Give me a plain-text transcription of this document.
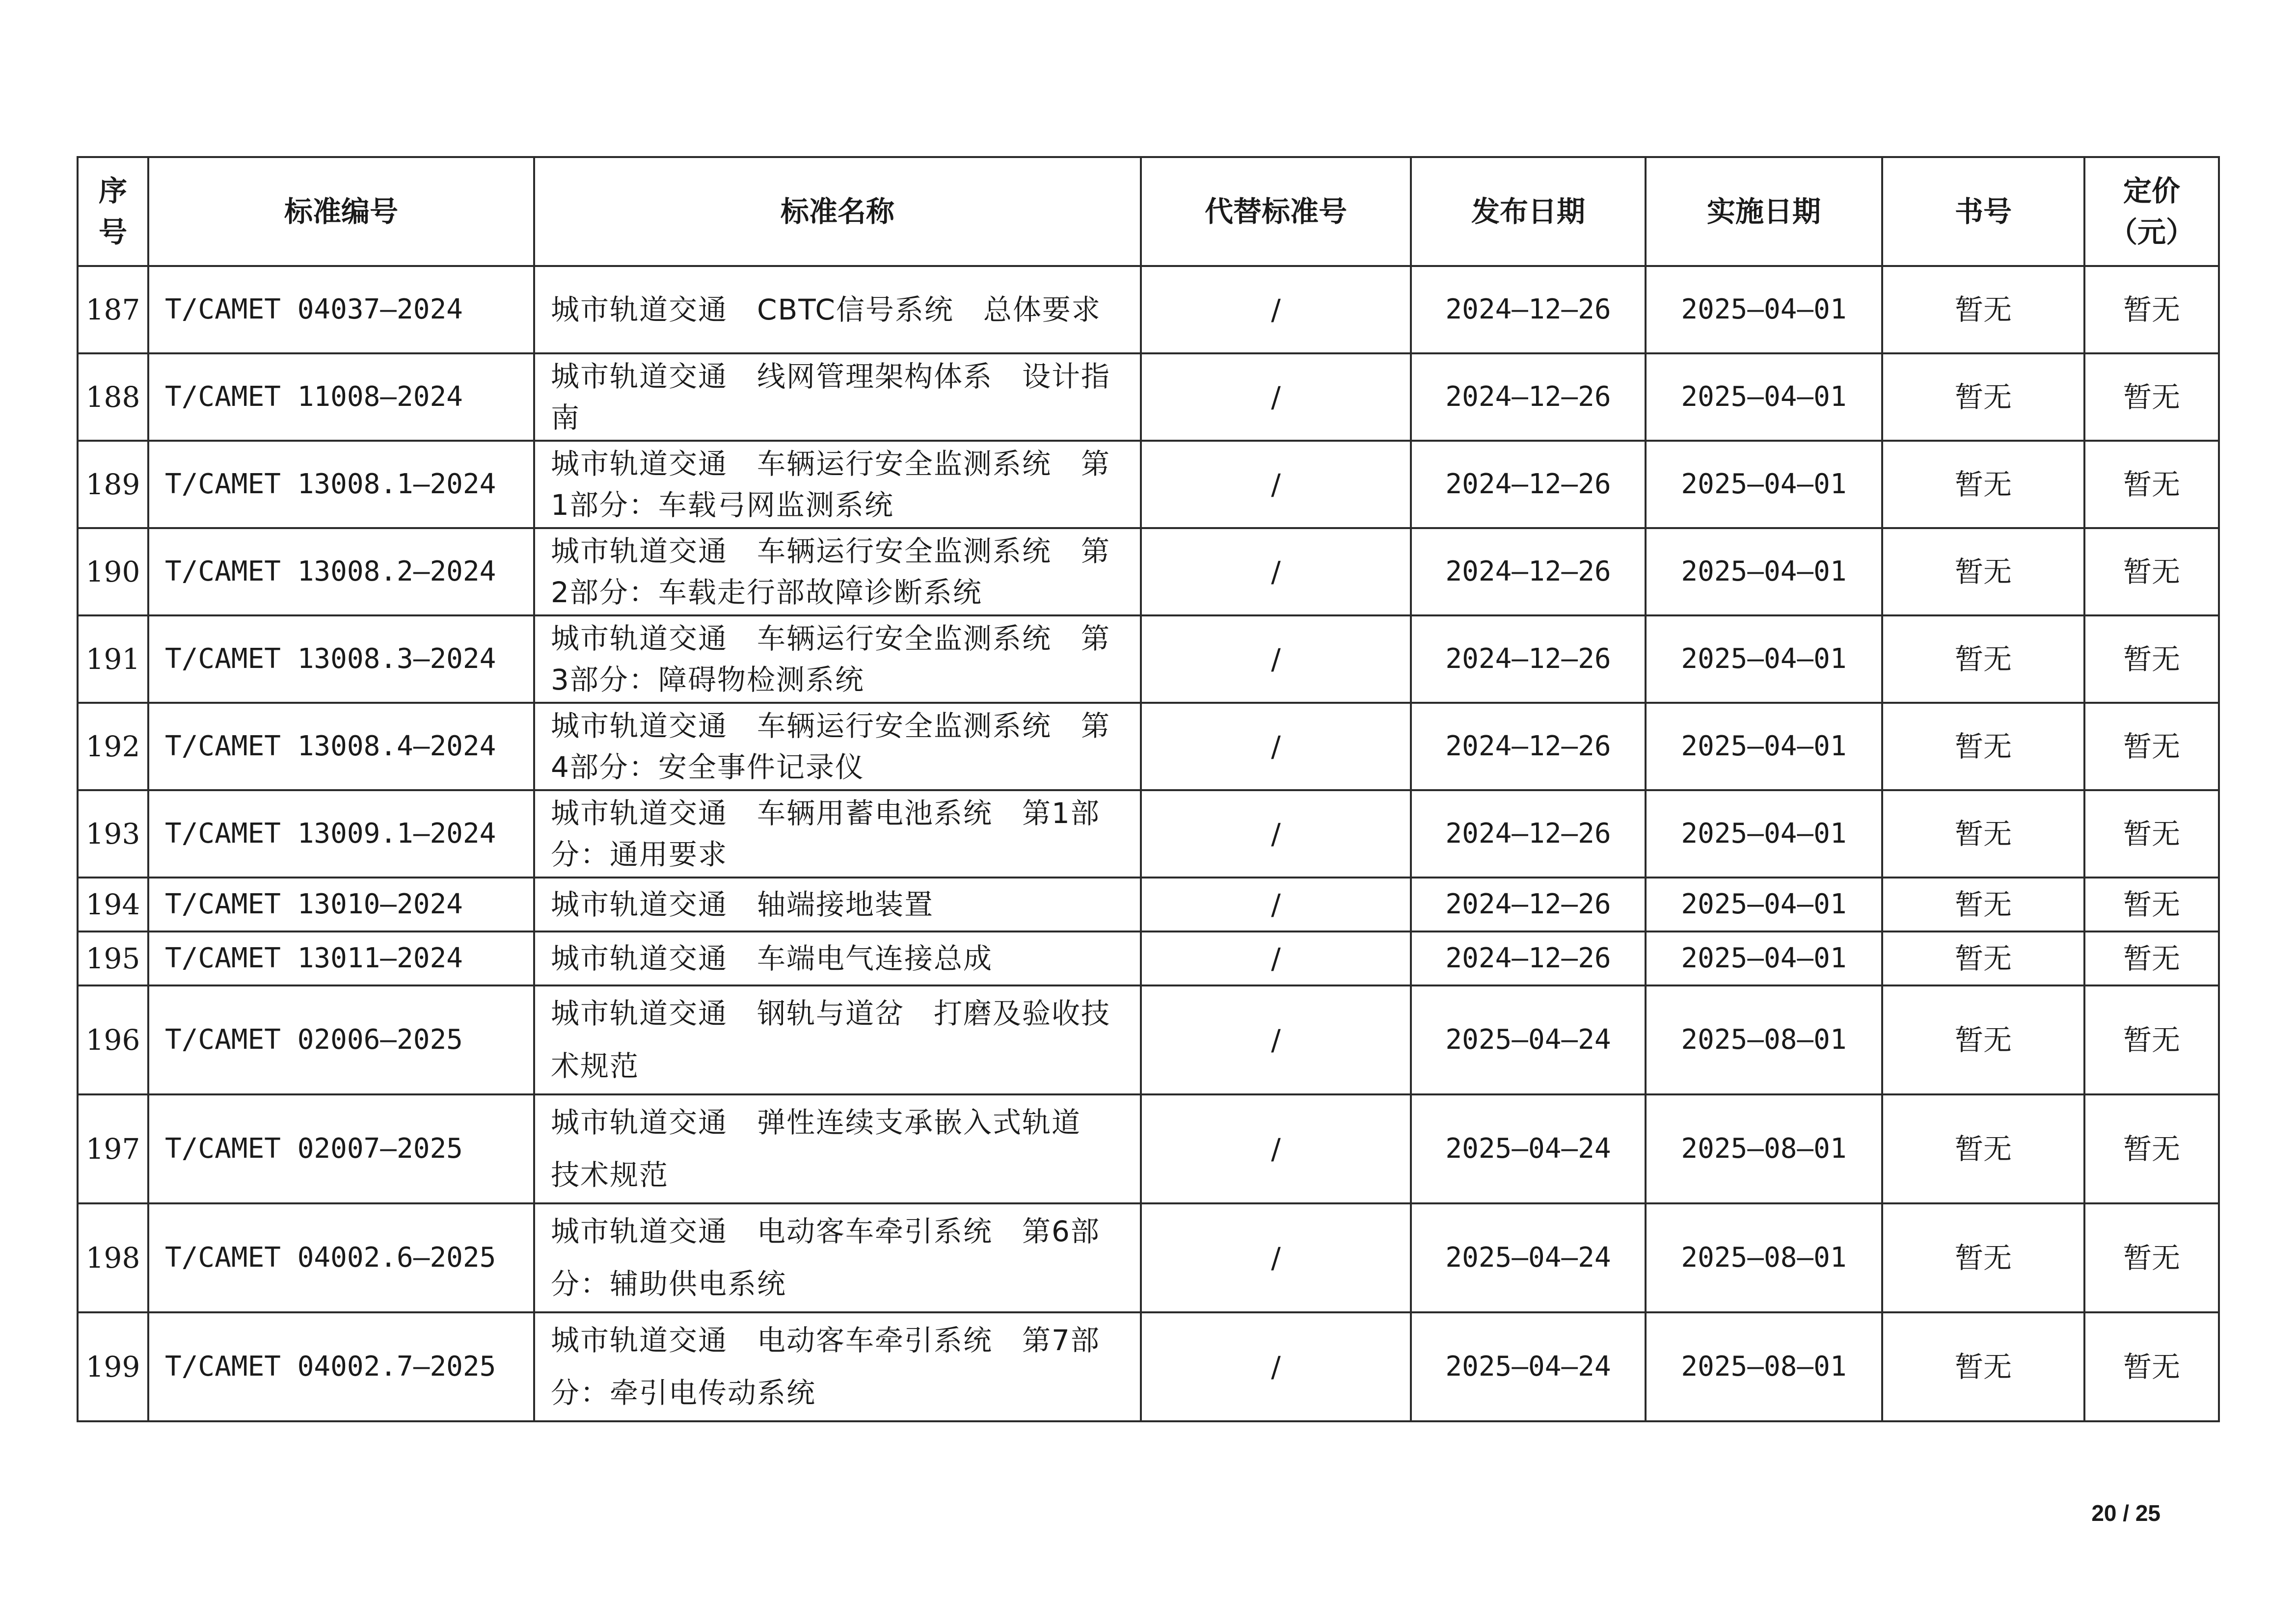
序号	标准编号	标准名称	代替标准号	发布日期	实施日期	书号	定价（元）
187	T/CAMET 04037—2024	城市轨道交通　CBTC信号系统　总体要求	/	2024—12—26	2025—04—01	暂无	暂无
188	T/CAMET 11008—2024	城市轨道交通　线网管理架构体系　设计指南	/	2024—12—26	2025—04—01	暂无	暂无
189	T/CAMET 13008.1—2024	城市轨道交通　车辆运行安全监测系统　第1部分：车载弓网监测系统	/	2024—12—26	2025—04—01	暂无	暂无
190	T/CAMET 13008.2—2024	城市轨道交通　车辆运行安全监测系统　第2部分：车载走行部故障诊断系统	/	2024—12—26	2025—04—01	暂无	暂无
191	T/CAMET 13008.3—2024	城市轨道交通　车辆运行安全监测系统　第3部分：障碍物检测系统	/	2024—12—26	2025—04—01	暂无	暂无
192	T/CAMET 13008.4—2024	城市轨道交通　车辆运行安全监测系统　第4部分：安全事件记录仪	/	2024—12—26	2025—04—01	暂无	暂无
193	T/CAMET 13009.1—2024	城市轨道交通　车辆用蓄电池系统　第1部分：通用要求	/	2024—12—26	2025—04—01	暂无	暂无
194	T/CAMET 13010—2024	城市轨道交通　轴端接地装置	/	2024—12—26	2025—04—01	暂无	暂无
195	T/CAMET 13011—2024	城市轨道交通　车端电气连接总成	/	2024—12—26	2025—04—01	暂无	暂无
196	T/CAMET 02006—2025	城市轨道交通　钢轨与道岔　打磨及验收技术规范	/	2025—04—24	2025—08—01	暂无	暂无
197	T/CAMET 02007—2025	城市轨道交通　弹性连续支承嵌入式轨道　技术规范	/	2025—04—24	2025—08—01	暂无	暂无
198	T/CAMET 04002.6—2025	城市轨道交通　电动客车牵引系统　第6部分：辅助供电系统	/	2025—04—24	2025—08—01	暂无	暂无
199	T/CAMET 04002.7—2025	城市轨道交通　电动客车牵引系统　第7部分：牵引电传动系统	/	2025—04—24	2025—08—01	暂无	暂无
20 / 25
